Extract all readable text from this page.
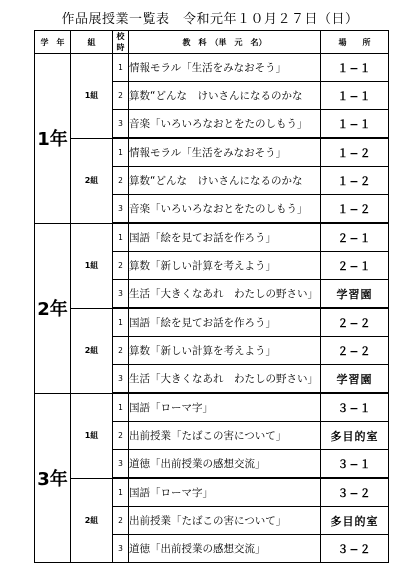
作品展授業一覧表　令和元年１０月２７日（日）
学　年	組	校時	教　科　（単　元　名）	場　　所
1年	1組	1	情報モラル「生活をみなおそう」	１−１
		2	算数“どんな　けいさんになるのかな	１−１
		3	音楽「いろいろなおとをたのしもう」	１−１
	2組	1	情報モラル「生活をみなおそう」	１−２
		2	算数“どんな　けいさんになるのかな	１−２
		3	音楽「いろいろなおとをたのしもう」	１−２
2年	1組	1	国語「絵を見てお話を作ろう」	２−１
		2	算数「新しい計算を考えよう」	２−１
		3	生活「大きくなあれ　わたしの野さい」	学習園
	2組	1	国語「絵を見てお話を作ろう」	２−２
		2	算数「新しい計算を考えよう」	２−２
		3	生活「大きくなあれ　わたしの野さい」	学習園
3年	1組	1	国語「ローマ字」	３−１
		2	出前授業「たばこの害について」	多目的室
		3	道徳「出前授業の感想交流」	３−１
	2組	1	国語「ローマ字」	３−２
		2	出前授業「たばこの害について」	多目的室
		3	道徳「出前授業の感想交流」	３−２
